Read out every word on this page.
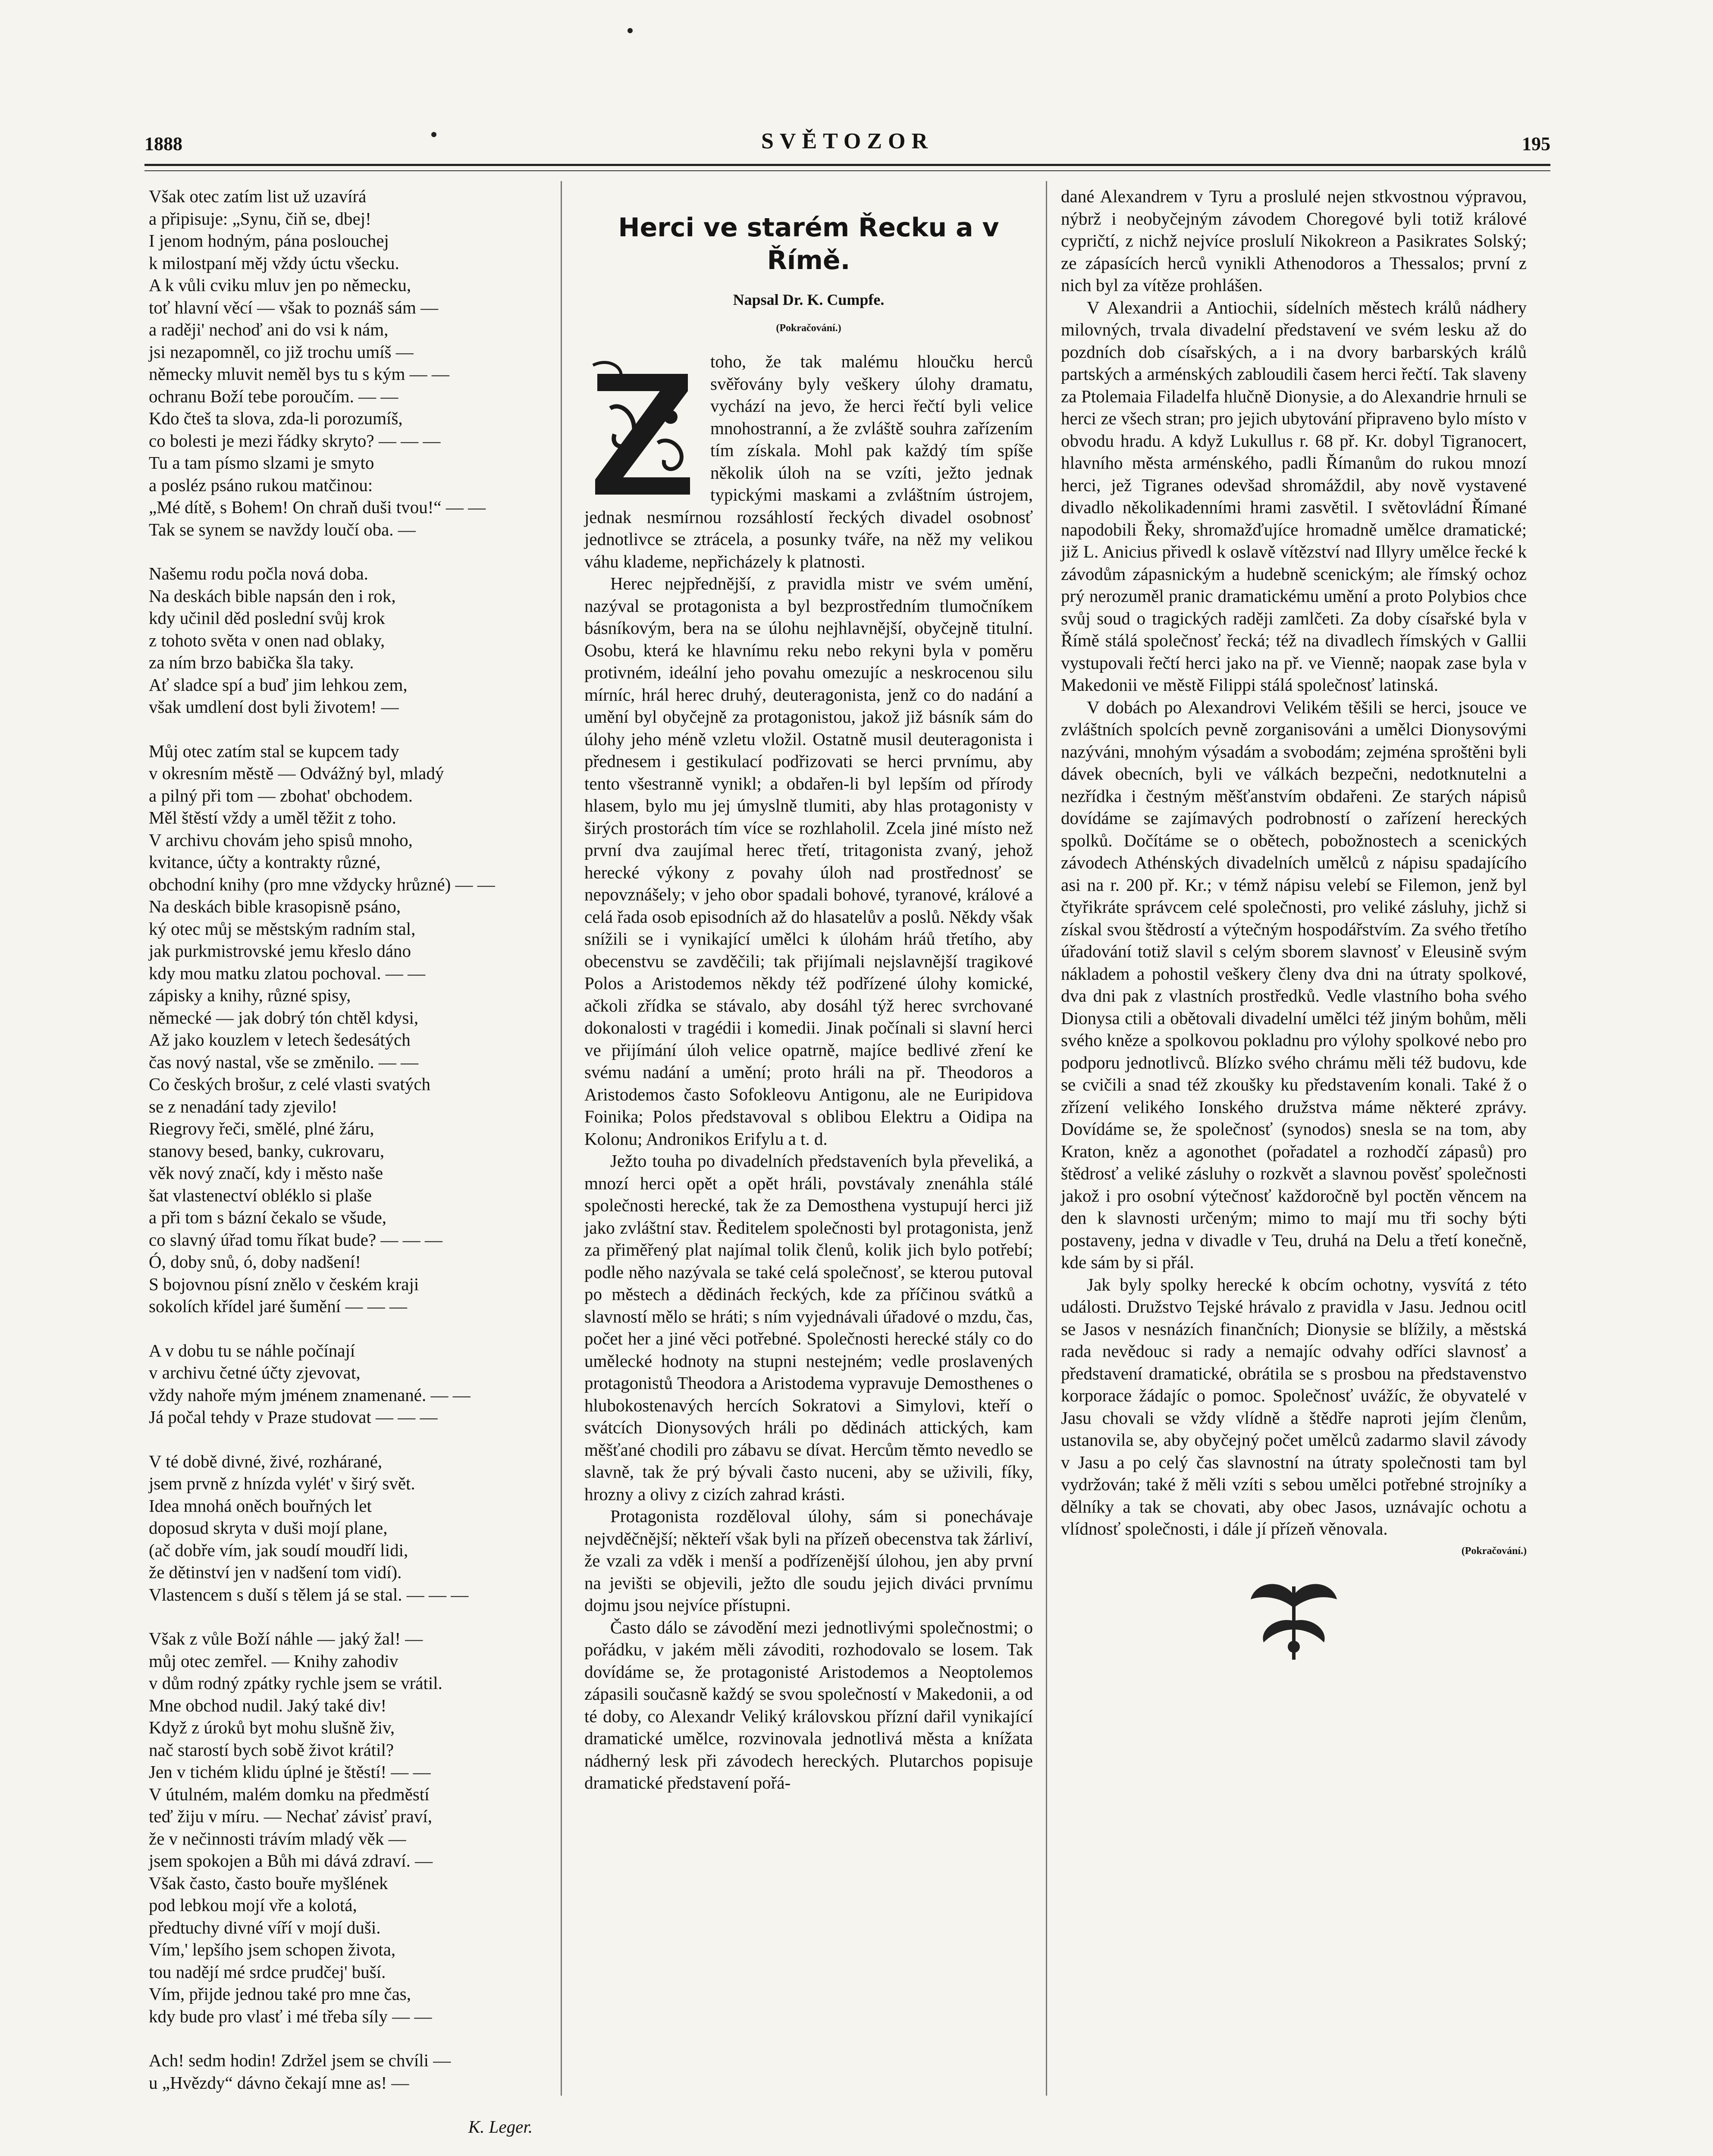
1888	SVĚTOZOR	195

Však otec zatím list už uzavírá

a připisuje: „Synu, čiň se, dbej!

I jenom hodným, pána poslouchej

k milostpaní měj vždy úctu všecku.

A k vůli cviku mluv jen po německu,

toť hlavní věcí — však to poznáš sám —

a raději' nechoď ani do vsi k nám,

jsi nezapomněl, co již trochu umíš —

německy mluvit neměl bys tu s kým — —

ochranu Boží tebe poroučím. — —

Kdo čteš ta slova, zda-li porozumíš,

co bolesti je mezi řádky skryto? — — —

Tu a tam písmo slzami je smyto

a posléz psáno rukou matčinou:

„Mé dítě, s Bohem! On chraň duši tvou!“ — —

Tak se synem se navždy loučí oba. —

Našemu rodu počla nová doba.

Na deskách bible napsán den i rok,

kdy učinil děd poslední svůj krok

z tohoto světa v onen nad oblaky,

za ním brzo babička šla taky.

Ať sladce spí a buď jim lehkou zem,

však umdlení dost byli životem! —

Můj otec zatím stal se kupcem tady

v okresním městě — Odvážný byl, mladý

a pilný při tom — zbohat' obchodem.

Měl štěstí vždy a uměl těžit z toho.

V archivu chovám jeho spisů mnoho,

kvitance, účty a kontrakty různé,

obchodní knihy (pro mne vždycky hrůzné) — —

Na deskách bible krasopisně psáno,

ký otec můj se městským radním stal,

jak purkmistrovské jemu křeslo dáno

kdy mou matku zlatou pochoval. — —

zápisky a knihy, různé spisy,

německé — jak dobrý tón chtěl kdysi,

Až jako kouzlem v letech šedesátých

čas nový nastal, vše se změnilo. — —

Co českých brošur, z celé vlasti svatých

se z nenadání tady zjevilo!

Riegrovy řeči, smělé, plné žáru,

stanovy besed, banky, cukrovaru,

věk nový značí, kdy i město naše

šat vlastenectví obléklo si plaše

a při tom s bázní čekalo se všude,

co slavný úřad tomu říkat bude? — — —

Ó, doby snů, ó, doby nadšení!

S bojovnou písní znělo v českém kraji

sokolích křídel jaré šumění — — —

A v dobu tu se náhle počínají

v archivu četné účty zjevovat,

vždy nahoře mým jménem znamenané. — —

Já počal tehdy v Praze studovat — — —

V té době divné, živé, rozhárané,

jsem prvně z hnízda vylét' v širý svět.

Idea mnohá oněch bouřných let

doposud skryta v duši mojí plane,

(ač dobře vím, jak soudí moudří lidi,

že dětinství jen v nadšení tom vidí).

Vlastencem s duší s tělem já se stal. — — —

Však z vůle Boží náhle — jaký žal! —

můj otec zemřel. — Knihy zahodiv

v dům rodný zpátky rychle jsem se vrátil.

Mne obchod nudil. Jaký také div!

Když z úroků byt mohu slušně živ,

nač starostí bych sobě život krátil?

Jen v tichém klidu úplné je štěstí! — —

V útulném, malém domku na předměstí

teď žiju v míru. — Nechať závisť praví,

že v nečinnosti trávím mladý věk —

jsem spokojen a Bůh mi dává zdraví. —

Však často, často bouře myšlének

pod lebkou mojí vře a kolotá,

předtuchy divné víří v mojí duši.

Vím,' lepšího jsem schopen života,

tou nadějí mé srdce prudčej' buší.

Vím, přijde jednou také pro mne čas,

kdy bude pro vlasť i mé třeba síly — —

Ach! sedm hodin! Zdržel jsem se chvíli —

u „Hvězdy“ dávno čekají mne as! —

K. Leger.

Herci ve starém Řecku a v Římě.
Napsal Dr. K. Cumpfe.
(Pokračování.)

toho, že tak malému hloučku herců svěřovány byly veškery úlohy dramatu, vychází na jevo, že herci řečtí byli velice mnohostranní, a že zvláště souhra zařízením tím získala. Mohl pak každý tím spíše několik úloh na se vzíti, ježto jednak typickými maskami a zvláštním ústrojem, jednak nesmírnou rozsáhlostí řeckých divadel osobnosť jednotlivce se ztrácela, a posunky tváře, na něž my velikou váhu klademe, nepřicházely k platnosti.

Herec nejpřednější, z pravidla mistr ve svém umění, nazýval se protagonista a byl bezprostředním tlumočníkem básníkovým, bera na se úlohu nejhlavnější, obyčejně titulní. Osobu, která ke hlavnímu reku nebo rekyni byla v poměru protivném, ideální jeho povahu omezujíc a neskrocenou silu mírníc, hrál herec druhý, deuteragonista, jenž co do nadání a umění byl obyčejně za protagonistou, jakož již básník sám do úlohy jeho méně vzletu vložil. Ostatně musil deuteragonista i přednesem i gestikulací podřizovati se herci prvnímu, aby tento všestranně vynikl; a obdařen-li byl lepším od přírody hlasem, bylo mu jej úmyslně tlumiti, aby hlas protagonisty v širých prostorách tím více se rozhlaholil. Zcela jiné místo než první dva zaujímal herec třetí, tritagonista zvaný, jehož herecké výkony z povahy úloh nad prostřednosť se nepovznášely; v jeho obor spadali bohové, tyranové, králové a celá řada osob episodních až do hlasatelův a poslů. Někdy však snížili se i vynikající umělci k úlohám hráů třetího, aby obecenstvu se zavděčili; tak přijímali nejslavnější tragikové Polos a Aristodemos někdy též podřízené úlohy komické, ačkoli zřídka se stávalo, aby dosáhl týž herec svrchované dokonalosti v tragédii i komedii. Jinak počínali si slavní herci ve přijímání úloh velice opatrně, majíce bedlivé zření ke svému nadání a umění; proto hráli na př. Theodoros a Aristodemos často Sofokleovu Antigonu, ale ne Euripidova Foinika; Polos představoval s oblibou Elektru a Oidipa na Kolonu; Andronikos Erifylu a t. d.

Ježto touha po divadelních představeních byla převeliká, a mnozí herci opět a opět hráli, povstávaly znenáhla stálé společnosti herecké, tak že za Demosthena vystupují herci již jako zvláštní stav. Ředitelem společnosti byl protagonista, jenž za přiměřený plat najímal tolik členů, kolik jich bylo potřebí; podle něho nazývala se také celá společnosť, se kterou putoval po městech a dědinách řeckých, kde za příčinou svátků a slavností mělo se hráti; s ním vyjednávali úřadové o mzdu, čas, počet her a jiné věci potřebné. Společnosti herecké stály co do umělecké hodnoty na stupni nestejném; vedle proslavených protagonistů Theodora a Aristodema vypravuje Demosthenes o hlubokostenavých hercích Sokratovi a Simylovi, kteří o svátcích Dionysových hráli po dědinách attických, kam měšťané chodili pro zábavu se dívat. Hercům těmto nevedlo se slavně, tak že prý bývali často nuceni, aby se uživili, fíky, hrozny a olivy z cizích zahrad krásti.

Protagonista rozděloval úlohy, sám si ponechávaje nejvděčnější; někteří však byli na přízeň obecenstva tak žárliví, že vzali za vděk i menší a podřízenější úlohou, jen aby první na jevišti se objevili, ježto dle soudu jejich diváci prvnímu dojmu jsou nejvíce přístupni.

Často dálo se závodění mezi jednotlivými společnostmi; o pořádku, v jakém měli závoditi, rozhodovalo se losem. Tak dovídáme se, že protagonisté Aristodemos a Neoptolemos zápasili současně každý se svou společností v Makedonii, a od té doby, co Alexandr Veliký královskou přízní dařil vynikající dramatické umělce, rozvinovala jednotlivá města a knížata nádherný lesk při závodech hereckých. Plutarchos popisuje dramatické představení pořá-

dané Alexandrem v Tyru a proslulé nejen stkvostnou výpravou, nýbrž i neobyčejným závodem Choregové byli totiž králové cypričtí, z nichž nejvíce proslulí Nikokreon a Pasikrates Solský; ze zápasících herců vynikli Athenodoros a Thessalos; první z nich byl za vítěze prohlášen.

V Alexandrii a Antiochii, sídelních městech králů nádhery milovných, trvala divadelní představení ve svém lesku až do pozdních dob císařských, a i na dvory barbarských králů partských a arménských zabloudili časem herci řečtí. Tak slaveny za Ptolemaia Filadelfa hlučně Dionysie, a do Alexandrie hrnuli se herci ze všech stran; pro jejich ubytování připraveno bylo místo v obvodu hradu. A když Lukullus r. 68 př. Kr. dobyl Tigranocert, hlavního města arménského, padli Římanům do rukou mnozí herci, jež Tigranes odevšad shromáždil, aby nově vystavené divadlo několikadenními hrami zasvětil. I světovládní Římané napodobili Řeky, shromažďujíce hromadně umělce dramatické; již L. Anicius přivedl k oslavě vítězství nad Illyry umělce řecké k závodům zápasnickým a hudebně scenickým; ale římský ochoz prý nerozuměl pranic dramatickému umění a proto Polybios chce svůj soud o tragických raději zamlčeti. Za doby císařské byla v Římě stálá společnosť řecká; též na divadlech římských v Gallii vystupovali řečtí herci jako na př. ve Vienně; naopak zase byla v Makedonii ve městě Filippi stálá společnosť latinská.

V dobách po Alexandrovi Velikém těšili se herci, jsouce ve zvláštních spolcích pevně zorganisováni a umělci Dionysovými nazýváni, mnohým výsadám a svobodám; zejména sproštěni byli dávek obecních, byli ve válkách bezpečni, nedotknutelni a nezřídka i čestným měšťanstvím obdařeni. Ze starých nápisů dovídáme se zajímavých podrobností o zařízení hereckých spolků. Dočítáme se o obětech, pobožnostech a scenických závodech Athénských divadelních umělců z nápisu spadajícího asi na r. 200 př. Kr.; v témž nápisu velebí se Filemon, jenž byl čtyřikráte správcem celé společnosti, pro veliké zásluhy, jichž si získal svou štědrostí a výtečným hospodářstvím. Za svého třetího úřadování totiž slavil s celým sborem slavnosť v Eleusině svým nákladem a pohostil veškery členy dva dni na útraty spolkové, dva dni pak z vlastních prostředků. Vedle vlastního boha svého Dionysa ctili a obětovali divadelní umělci též jiným bohům, měli svého kněze a spolkovou pokladnu pro výlohy spolkové nebo pro podporu jednotlivců. Blízko svého chrámu měli též budovu, kde se cvičili a snad též zkoušky ku představením konali. Také ž o zřízení velikého Ionského družstva máme některé zprávy. Dovídáme se, že společnosť (synodos) snesla se na tom, aby Kraton, kněz a agonothet (pořadatel a rozhodčí zápasů) pro štědrosť a veliké zásluhy o rozkvět a slavnou pověsť společnosti jakož i pro osobní výtečnosť každoročně byl poctěn věncem na den k slavnosti určeným; mimo to mají mu tři sochy býti postaveny, jedna v divadle v Teu, druhá na Delu a třetí konečně, kde sám by si přál.

Jak byly spolky herecké k obcím ochotny, vysvítá z této události. Družstvo Tejské hrávalo z pravidla v Jasu. Jednou ocitl se Jasos v nesnázích finančních; Dionysie se blížily, a městská rada nevědouc si rady a nemajíc odvahy odříci slavnosť a představení dramatické, obrátila se s prosbou na představenstvo korporace žádajíc o pomoc. Společnosť uvážíc, že obyvatelé v Jasu chovali se vždy vlídně a štědře naproti jejím členům, ustanovila se, aby obyčejný počet umělců zadarmo slavil závody v Jasu a po celý čas slavnostní na útraty společnosti tam byl vydržován; také ž měli vzíti s sebou umělci potřebné strojníky a dělníky a tak se chovati, aby obec Jasos, uznávajíc ochotu a vlídnosť společnosti, i dále jí přízeň věnovala.

(Pokračování.)
